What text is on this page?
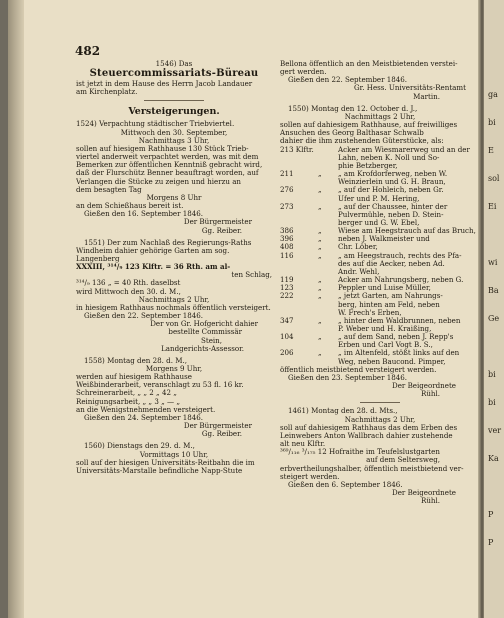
482
1546) Das
Steuercommissariats-Büreau
ist jetzt in dem Hause des Herrn Jacob Landauer
am Kirchenplatz.
Versteigerungen.
1524) Verpachtung städtischer Triebviertel.
Mittwoch den 30. September,
Nachmittags 3 Uhr,
sollen auf hiesigem Rathhause 130 Stück Trieb-
viertel anderweit verpachtet werden, was mit dem
Bemerken zur öffentlichen Kenntniß gebracht wird,
daß der Flurschütz Benner beauftragt worden, auf
Verlangen die Stücke zu zeigen und hierzu an
dem besagten Tag
Morgens 8 Uhr
an dem Schießhaus bereit ist.
Gießen den 16. September 1846.
Der Bürgermeister
Gg. Reiber.
1551) Der zum Nachlaß des Regierungs-Raths
Windheim dahier gehörige Garten am sog.
Langenberg
XXXIII, ³¹⁴/₉ 123 Klftr. = 36 Rth. am al-
ten Schlag,
³¹⁴/₉ 136 „ = 40 Rth. daselbst
wird Mittwoch den 30. d. M.,
Nachmittags 2 Uhr,
in hiesigem Rathhaus nochmals öffentlich versteigert.
Gießen den 22. September 1846.
Der von Gr. Hofgericht dahier
bestellte Commissär
Stein,
Landgerichts-Assessor.
1558) Montag den 28. d. M.,
Morgens 9 Uhr,
werden auf hiesigem Rathhause
Weißbinderarbeit, veranschlagt zu 53 fl. 16 kr.
Schreinerarbeit, „ „ 2 „ 42 „
Reinigungsarbeit, „ „ 3 „ — „
an die Wenigstnehmenden versteigert.
Gießen den 24. September 1846.
Der Bürgermeister
Gg. Reiber.
1560) Dienstags den 29. d. M.,
Vormittags 10 Uhr,
soll auf der hiesigen Universitäts-Reitbahn die im
Universitäts-Marstalle befindliche Napp-Stute
Bellona öffentlich an den Meistbietenden verstei-
gert werden.
Gießen den 22. September 1846.
Gr. Hess. Universitäts-Rentamt
Martin.
1550) Montag den 12. October d. J.,
Nachmittags 2 Uhr,
sollen auf dahiesigem Rathhause, auf freiwilliges
Ansuchen des Georg Balthasar Schwalb
dahier die ihm zustehenden Güterstücke, als:
213 Klftr.	Acker am Wiesmarerweg und an der
Lahn, neben K. Noll und So-
phie Betzberger,
211	„	„ am Krofdorferweg, neben W.
Weinzierlein und G. H. Braun,
276	„	„ auf der Hohleich, neben Gr.
Ufer und P. M. Hering,
273	„	„ auf der Chaussee, hinter der
Pulvermühle, neben D. Stein-
berger und G. W. Ebel,
386	„	Wiese am Heegstrauch auf das Bruch,
396	„	neben J. Walkmeister und
408	„	Chr. Löber,
116	„	„ am Heegstrauch, rechts des Pfa-
des auf die Aecker, neben Ad.
Andr. Wehl,
119	„	Acker am Nahrungsberg, neben G.
123	„	Peppler und Luise Müller,
222	„	„ jetzt Garten, am Nahrungs-
berg, hinten am Feld, neben
W. Frech's Erben,
347	„	„ hinter dem Waldbrunnen, neben
P. Weber und H. Kraißing,
104	„	„ auf dem Sand, neben J. Repp's
Erben und Carl Vogt B. S.,
206	„	„ im Altenfeld, stößt links auf den
Weg, neben Baucond. Pimper,
öffentlich meistbietend versteigert werden.
Gießen den 23. September 1846.
Der Beigeordnete
Rühl.
1461) Montag den 28. d. Mts.,
Nachmittags 2 Uhr,
soll auf dahiesigem Rathhaus das dem Erben des
Leinwebers Anton Wallbrach dahier zustehende
alt neu Klftr.
³⁶⁹/₁₁₆ ³/₁₇₅ 12 Hofraithe im Teufelslustgarten
auf dem Seltersweg,
erbvertheilungshalber, öffentlich meistbietend ver-
steigert werden.
Gießen den 6. September 1846.
Der Beigeordnete
Rühl.
ga
bi
E
sol
Ei
wi
Ba
Ge
bi
bi
ver
Ka
P
P
